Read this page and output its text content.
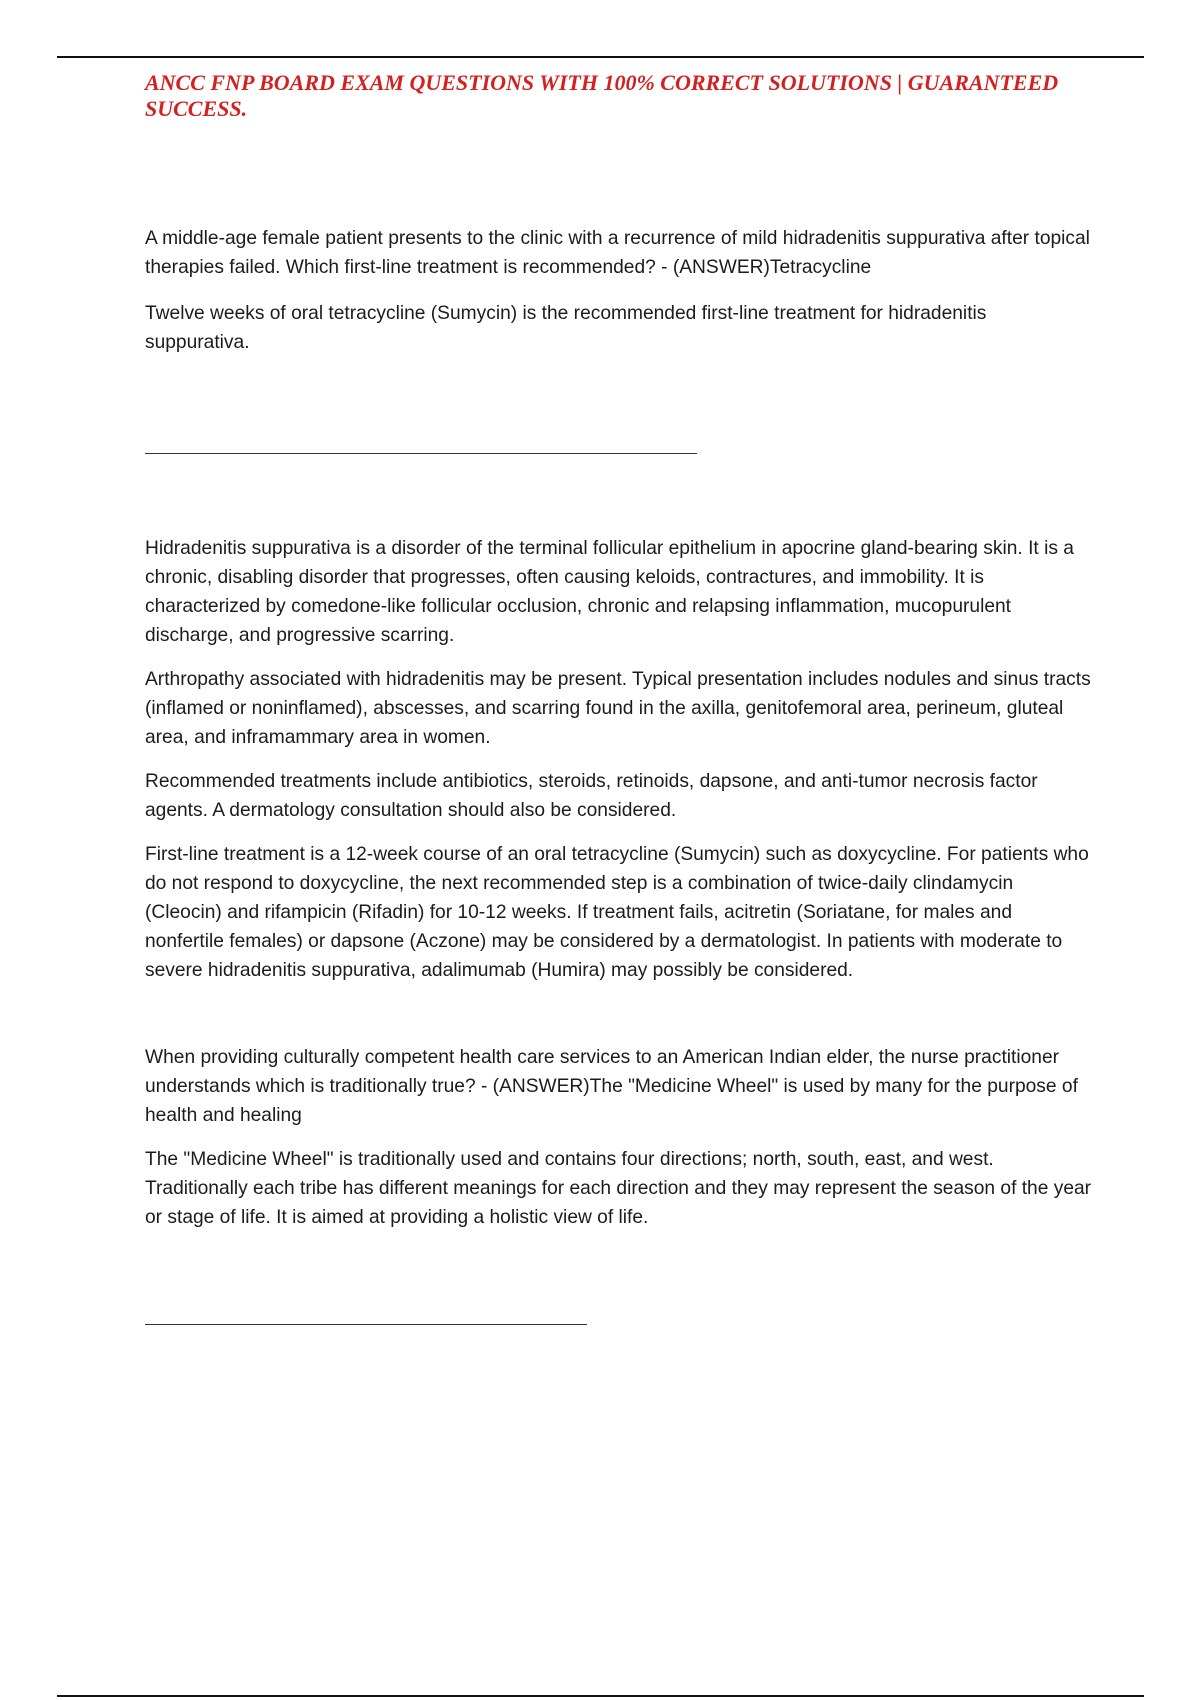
ANCC FNP BOARD EXAM QUESTIONS WITH 100% CORRECT SOLUTIONS | GUARANTEED SUCCESS.

A middle-age female patient presents to the clinic with a recurrence of mild hidradenitis suppurativa after topical therapies failed. Which first-line treatment is recommended? - (ANSWER)Tetracycline

Twelve weeks of oral tetracycline (Sumycin) is the recommended first-line treatment for hidradenitis suppurativa.

Hidradenitis suppurativa is a disorder of the terminal follicular epithelium in apocrine gland-bearing skin. It is a chronic, disabling disorder that progresses, often causing keloids, contractures, and immobility. It is characterized by comedone-like follicular occlusion, chronic and relapsing inflammation, mucopurulent discharge, and progressive scarring.

Arthropathy associated with hidradenitis may be present. Typical presentation includes nodules and sinus tracts (inflamed or noninflamed), abscesses, and scarring found in the axilla, genitofemoral area, perineum, gluteal area, and inframammary area in women.

Recommended treatments include antibiotics, steroids, retinoids, dapsone, and anti-tumor necrosis factor agents. A dermatology consultation should also be considered.

First-line treatment is a 12-week course of an oral tetracycline (Sumycin) such as doxycycline. For patients who do not respond to doxycycline, the next recommended step is a combination of twice-daily clindamycin (Cleocin) and rifampicin (Rifadin) for 10-12 weeks. If treatment fails, acitretin (Soriatane, for males and nonfertile females) or dapsone (Aczone) may be considered by a dermatologist. In patients with moderate to severe hidradenitis suppurativa, adalimumab (Humira) may possibly be considered.

When providing culturally competent health care services to an American Indian elder, the nurse practitioner understands which is traditionally true? - (ANSWER)The "Medicine Wheel" is used by many for the purpose of health and healing

The "Medicine Wheel" is traditionally used and contains four directions; north, south, east, and west. Traditionally each tribe has different meanings for each direction and they may represent the season of the year or stage of life. It is aimed at providing a holistic view of life.
